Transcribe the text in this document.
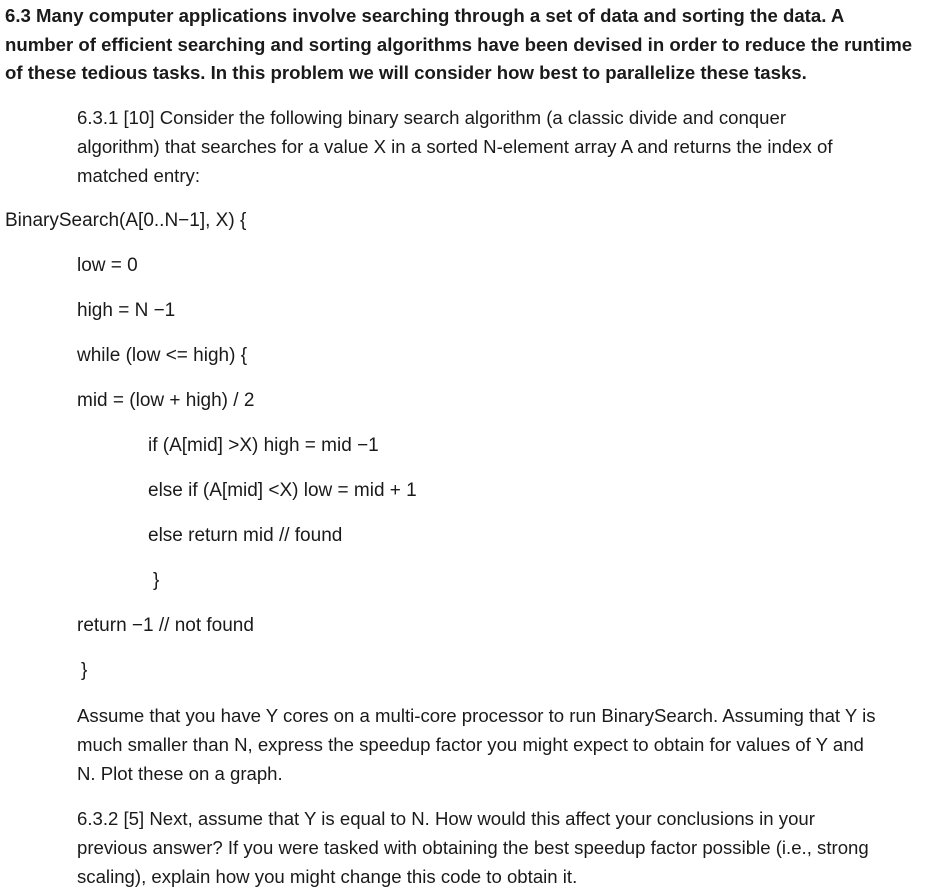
6.3 Many computer applications involve searching through a set of data and sorting the data. A
number of efficient searching and sorting algorithms have been devised in order to reduce the runtime
of these tedious tasks. In this problem we will consider how best to parallelize these tasks.
6.3.1 [10] Consider the following binary search algorithm (a classic divide and conquer
algorithm) that searches for a value X in a sorted N-element array A and returns the index of
matched entry:
BinarySearch(A[0..N−1], X) {
low = 0
high = N −1
while (low <= high) {
mid = (low + high) / 2
if (A[mid] >X) high = mid −1
else if (A[mid] <X) low = mid + 1
else return mid // found
}
return −1 // not found
}
Assume that you have Y cores on a multi-core processor to run BinarySearch. Assuming that Y is
much smaller than N, express the speedup factor you might expect to obtain for values of Y and
N. Plot these on a graph.
6.3.2 [5] Next, assume that Y is equal to N. How would this affect your conclusions in your
previous answer? If you were tasked with obtaining the best speedup factor possible (i.e., strong
scaling), explain how you might change this code to obtain it.
